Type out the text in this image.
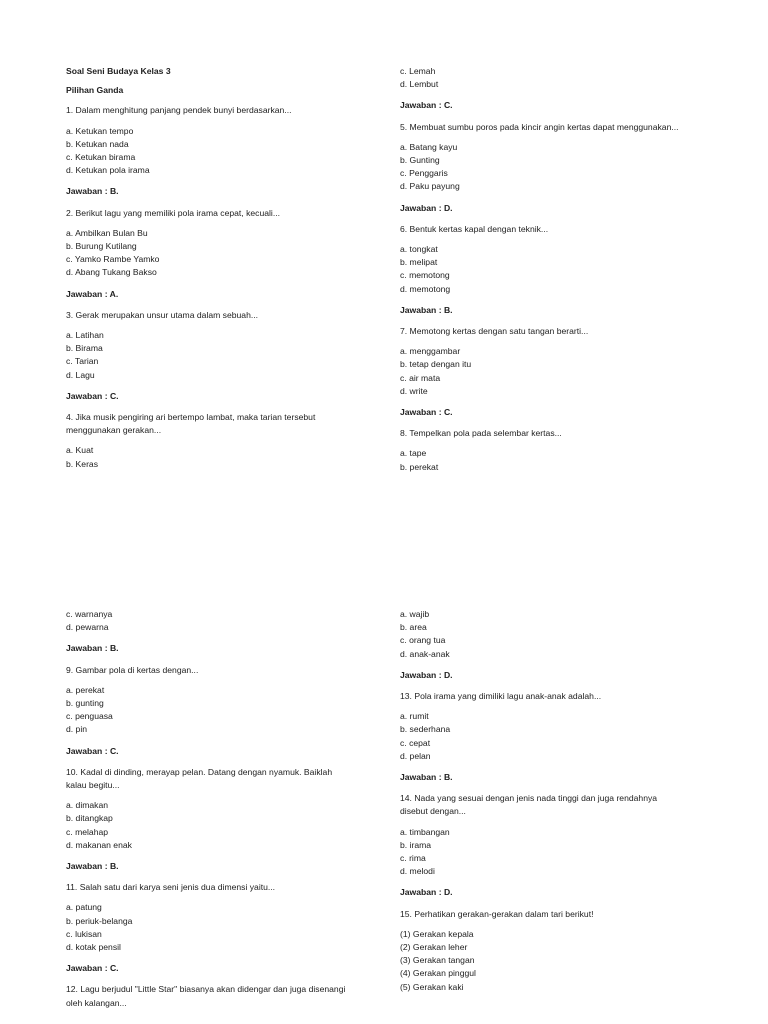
Soal Seni Budaya Kelas 3

Pilihan Ganda

1. Dalam menghitung panjang pendek bunyi berdasarkan...

a. Ketukan tempo

b. Ketukan nada

c. Ketukan birama

d. Ketukan pola irama

Jawaban : B.

2. Berikut lagu yang memiliki pola irama cepat, kecuali...

a. Ambilkan Bulan Bu

b. Burung Kutilang

c. Yamko Rambe Yamko

d. Abang Tukang Bakso

Jawaban : A.

3. Gerak merupakan unsur utama dalam sebuah...

a. Latihan

b. Birama

c. Tarian

d. Lagu

Jawaban : C.

4. Jika musik pengiring ari bertempo lambat, maka tarian tersebut

menggunakan gerakan...

a. Kuat

b. Keras

c. Lemah

d. Lembut

Jawaban : C.

5. Membuat sumbu poros pada kincir angin kertas dapat menggunakan...

a. Batang kayu

b. Gunting

c. Penggaris

d. Paku payung

Jawaban : D.

6. Bentuk kertas kapal dengan teknik...

a. tongkat

b. melipat

c. memotong

d. memotong

Jawaban : B.

7. Memotong kertas dengan satu tangan berarti...

a. menggambar

b. tetap dengan itu

c. air mata

d. write

Jawaban : C.

8. Tempelkan pola pada selembar kertas...

a. tape

b. perekat

c. warnanya

d. pewarna

Jawaban : B.

9. Gambar pola di kertas dengan...

a. perekat

b. gunting

c. penguasa

d. pin

Jawaban : C.

10. Kadal di dinding, merayap pelan. Datang dengan nyamuk. Baiklah

kalau begitu...

a. dimakan

b. ditangkap

c. melahap

d. makanan enak

Jawaban : B.

11. Salah satu dari karya seni jenis dua dimensi yaitu...

a. patung

b. periuk-belanga

c. lukisan

d. kotak pensil

Jawaban : C.

12. Lagu berjudul "Little Star" biasanya akan didengar dan juga disenangi

oleh kalangan...

a. wajib

b. area

c. orang tua

d. anak-anak

Jawaban : D.

13. Pola irama yang dimiliki lagu anak-anak adalah...

a. rumit

b. sederhana

c. cepat

d. pelan

Jawaban : B.

14. Nada yang sesuai dengan jenis nada tinggi dan juga rendahnya

disebut dengan...

a. timbangan

b. irama

c. rima

d. melodi

Jawaban : D.

15. Perhatikan gerakan-gerakan dalam tari berikut!

(1) Gerakan kepala

(2) Gerakan leher

(3) Gerakan tangan

(4) Gerakan pinggul

(5) Gerakan kaki
